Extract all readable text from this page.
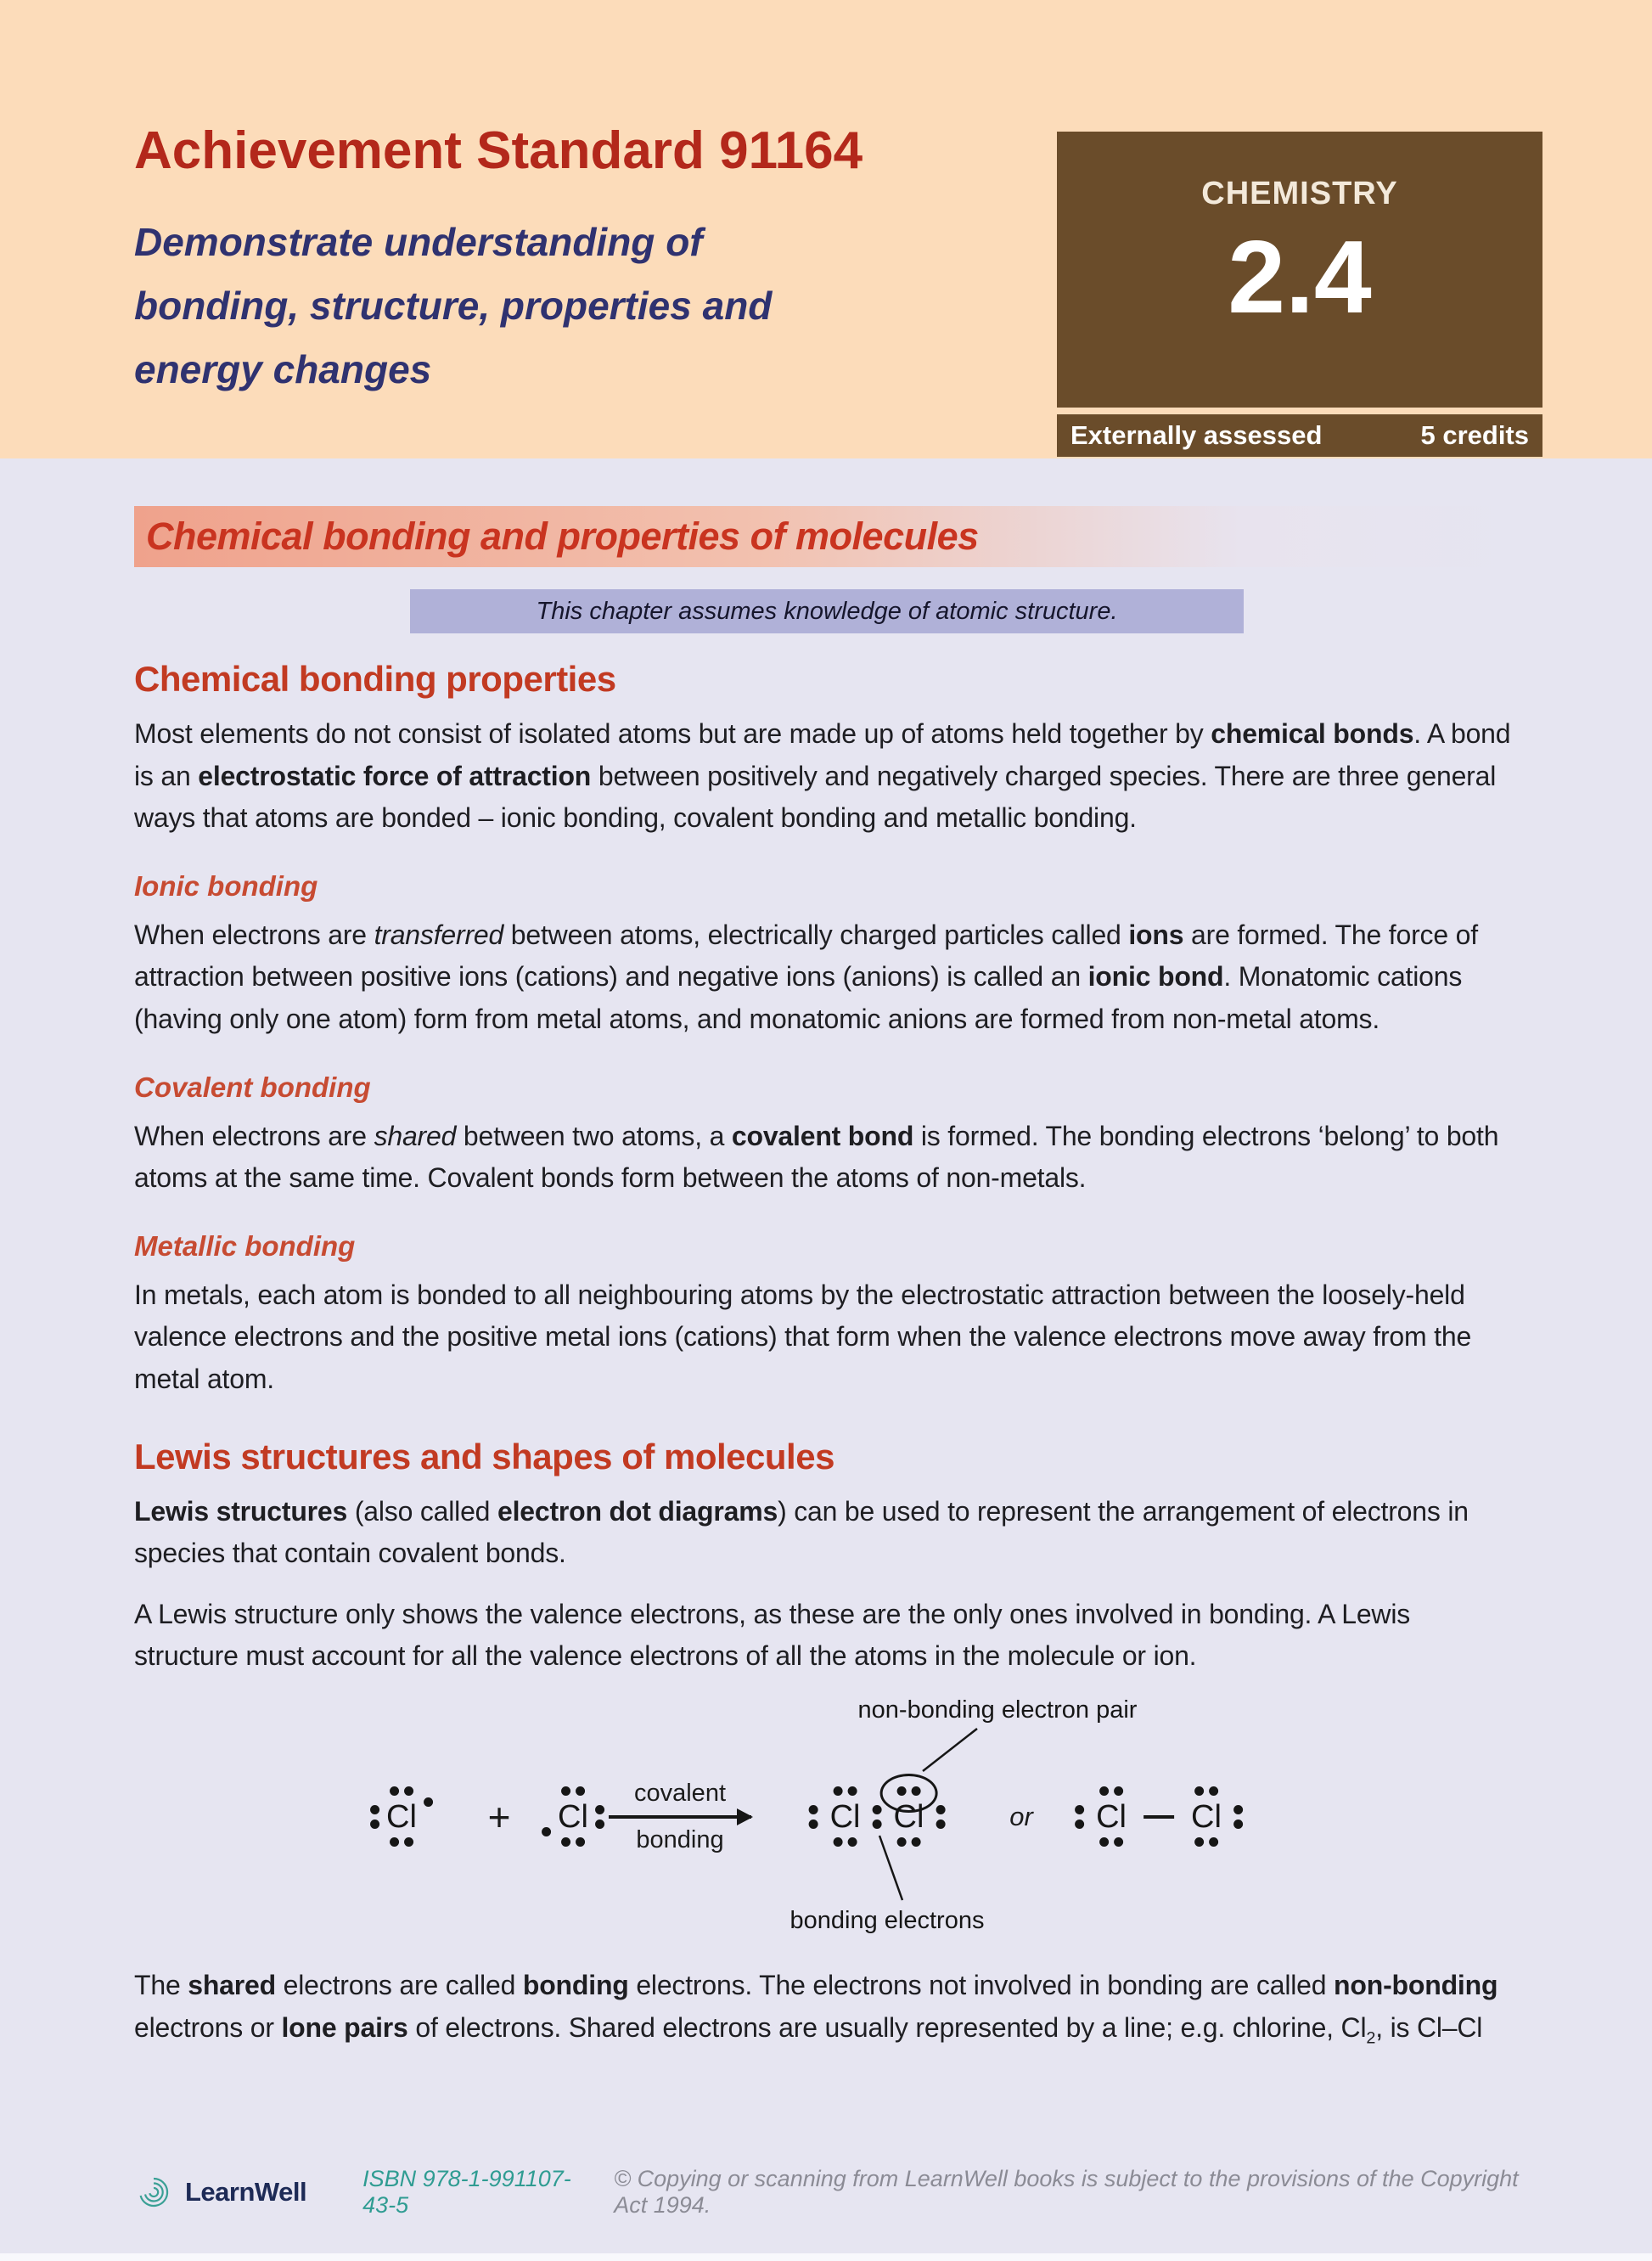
Achievement Standard 91164
Demonstrate understanding of
bonding, structure, properties and
energy changes
CHEMISTRY
2.4
Externally assessed	5 credits
Chemical bonding and properties of molecules
This chapter assumes knowledge of atomic structure.
Chemical bonding properties

Most elements do not consist of isolated atoms but are made up of atoms held together by chemical bonds. A bond is an electrostatic force of attraction between positively and negatively charged species. There are three general ways that atoms are bonded – ionic bonding, covalent bonding and metallic bonding.

Ionic bonding

When electrons are transferred between atoms, electrically charged particles called ions are formed. The force of attraction between positive ions (cations) and negative ions (anions) is called an ionic bond. Monatomic cations (having only one atom) form from metal atoms, and monatomic anions are formed from non-metal atoms.

Covalent bonding

When electrons are shared between two atoms, a covalent bond is formed. The bonding electrons ‘belong’ to both atoms at the same time. Covalent bonds form between the atoms of non-metals.

Metallic bonding

In metals, each atom is bonded to all neighbouring atoms by the electrostatic attraction between the loosely-held valence electrons and the positive metal ions (cations) that form when the valence electrons move away from the metal atom.

Lewis structures and shapes of molecules

Lewis structures (also called electron dot diagrams) can be used to represent the arrangement of electrons in species that contain covalent bonds.

A Lewis structure only shows the valence electrons, as these are the only ones involved in bonding. A Lewis structure must account for all the valence electrons of all the atoms in the molecule or ion.

Cl + Cl
covalent
bonding
Cl Cl	or Cl Cl
non-bonding electron pair
bonding electrons

The shared electrons are called bonding electrons. The electrons not involved in bonding are called non-bonding electrons or lone pairs of electrons. Shared electrons are usually represented by a line; e.g. chlorine, $Cl_2$, is Cl–Cl

LearnWell ISBN 978-1-991107-43-5
© Copying or scanning from LearnWell books is subject to the provisions of the Copyright Act 1994.
